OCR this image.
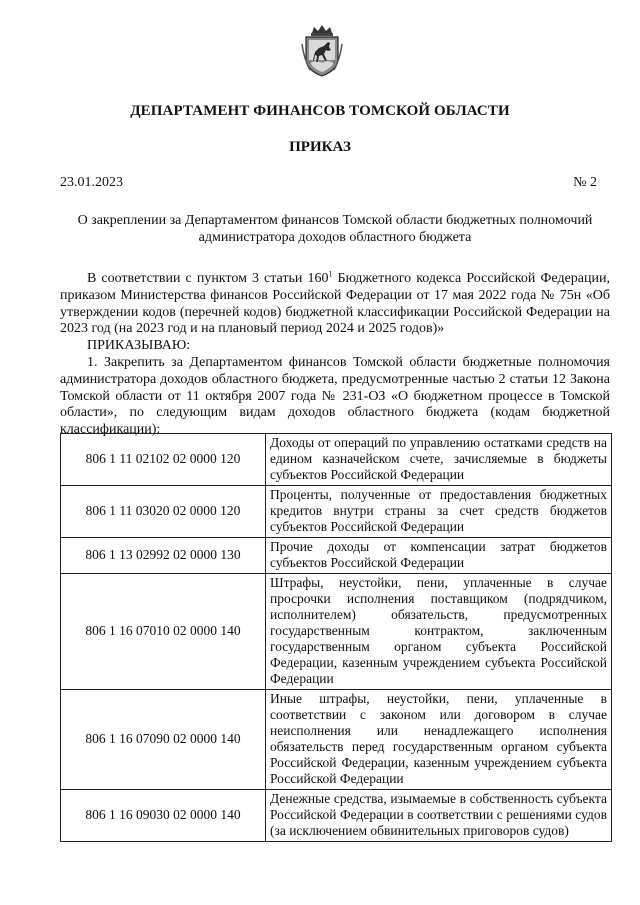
ДЕПАРТАМЕНТ ФИНАНСОВ ТОМСКОЙ ОБЛАСТИ
ПРИКАЗ
23.01.2023	№ 2
О закреплении за Департаментом финансов Томской области бюджетных полномочий администратора доходов областного бюджета

В соответствии с пунктом 3 статьи $160^1$ Бюджетного кодекса Российской Федерации, приказом Министерства финансов Российской Федерации от 17 мая 2022 года № 75н «Об утверждении кодов (перечней кодов) бюджетной классификации Российской Федерации на 2023 год (на 2023 год и на плановый период 2024 и 2025 годов)»

ПРИКАЗЫВАЮ:

1. Закрепить за Департаментом финансов Томской области бюджетные полномочия администратора доходов областного бюджета, предусмотренные частью 2 статьи 12 Закона Томской области от 11 октября 2007 года № 231-ОЗ «О бюджетном процессе в Томской области», по следующим видам доходов областного бюджета (кодам бюджетной классификации):

806 1 11 02102 02 0000 120	Доходы от операций по управлению остатками средств на едином казначейском счете, зачисляемые в бюджеты субъектов Российской Федерации
806 1 11 03020 02 0000 120	Проценты, полученные от предоставления бюджетных кредитов внутри страны за счет средств бюджетов субъектов Российской Федерации
806 1 13 02992 02 0000 130	Прочие доходы от компенсации затрат бюджетов субъектов Российской Федерации
806 1 16 07010 02 0000 140	Штрафы, неустойки, пени, уплаченные в случае просрочки исполнения поставщиком (подрядчиком, исполнителем) обязательств, предусмотренных государственным контрактом, заключенным государственным органом субъекта Российской Федерации, казенным учреждением субъекта Российской Федерации
806 1 16 07090 02 0000 140	Иные штрафы, неустойки, пени, уплаченные в соответствии с законом или договором в случае неисполнения или ненадлежащего исполнения обязательств перед государственным органом субъекта Российской Федерации, казенным учреждением субъекта Российской Федерации
806 1 16 09030 02 0000 140	Денежные средства, изымаемые в собственность субъекта Российской Федерации в соответствии с решениями судов (за исключением обвинительных приговоров судов)
